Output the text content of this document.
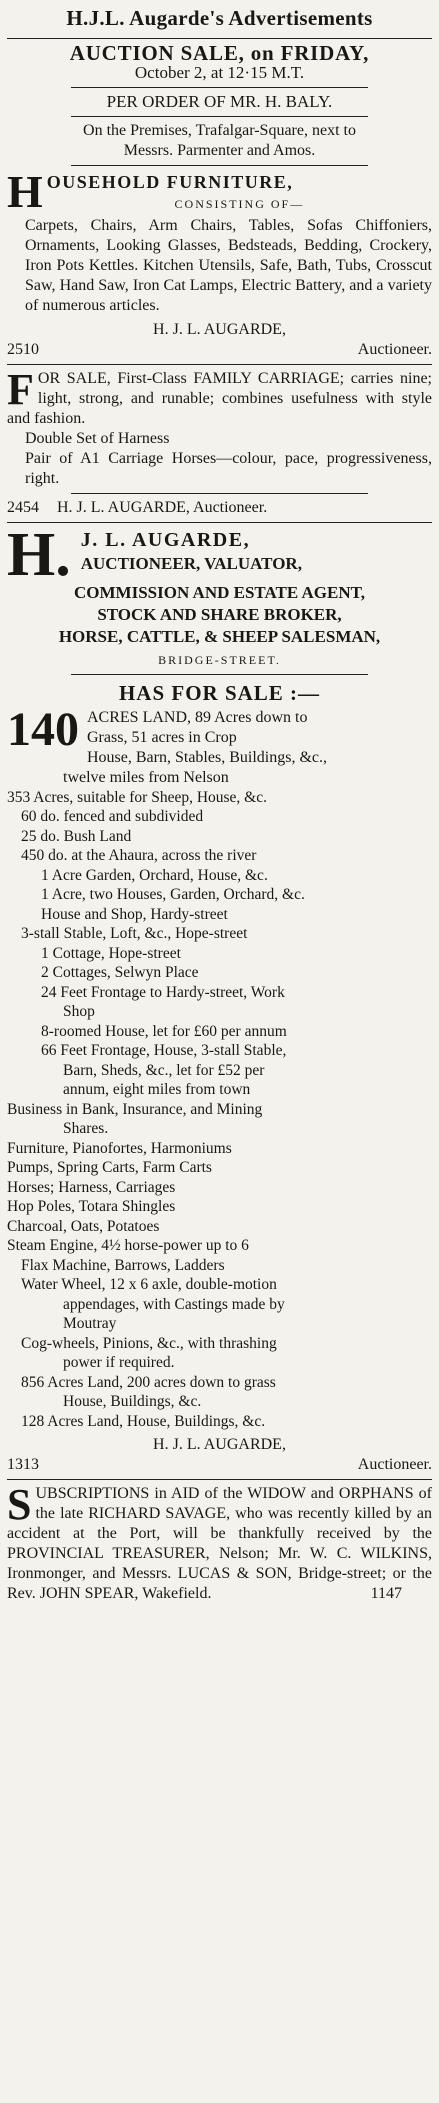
H.J.L. Augarde's Advertisements
AUCTION SALE, on FRIDAY,
October 2, at 12·15 M.T.
PER ORDER OF MR. H. BALY.
On the Premises, Trafalgar-Square, next to
Messrs. Parmenter and Amos.
H OUSEHOLD FURNITURE,
CONSISTING OF—
Carpets, Chairs, Arm Chairs, Tables, Sofas Chiffoniers, Ornaments, Looking Glasses, Bedsteads, Bedding, Crockery, Iron Pots Kettles. Kitchen Utensils, Safe, Bath, Tubs, Crosscut Saw, Hand Saw, Iron Cat Lamps, Electric Battery, and a variety of numerous articles.
H. J. L. AUGARDE,
2510	Auctioneer.
F OR SALE, First-Class FAMILY CARRIAGE; carries nine; light, strong, and runable; combines usefulness with style and fashion.
Double Set of Harness
Pair of A1 Carriage Horses—colour, pace, progressiveness, right.
2454 H. J. L. AUGARDE, Auctioneer.
H. J. L. AUGARDE,
AUCTIONEER, VALUATOR,
COMMISSION AND ESTATE AGENT,
STOCK AND SHARE BROKER,
HORSE, CATTLE, & SHEEP SALESMAN,
BRIDGE-STREET.
HAS FOR SALE :—
140 ACRES LAND, 89 Acres down to
Grass, 51 acres in Crop
House, Barn, Stables, Buildings, &c.,
twelve miles from Nelson
353 Acres, suitable for Sheep, House, &c.
60 do. fenced and subdivided
25 do. Bush Land
450 do. at the Ahaura, across the river
1 Acre Garden, Orchard, House, &c.
1 Acre, two Houses, Garden, Orchard, &c.
House and Shop, Hardy-street
3-stall Stable, Loft, &c., Hope-street
1 Cottage, Hope-street
2 Cottages, Selwyn Place
24 Feet Frontage to Hardy-street, Work
Shop
8-roomed House, let for £60 per annum
66 Feet Frontage, House, 3-stall Stable,
Barn, Sheds, &c., let for £52 per
annum, eight miles from town
Business in Bank, Insurance, and Mining
Shares.
Furniture, Pianofortes, Harmoniums
Pumps, Spring Carts, Farm Carts
Horses; Harness, Carriages
Hop Poles, Totara Shingles
Charcoal, Oats, Potatoes
Steam Engine, 4½ horse-power up to 6
Flax Machine, Barrows, Ladders
Water Wheel, 12 x 6 axle, double-motion
appendages, with Castings made by
Moutray
Cog-wheels, Pinions, &c., with thrashing
power if required.
856 Acres Land, 200 acres down to grass
House, Buildings, &c.
128 Acres Land, House, Buildings, &c.
H. J. L. AUGARDE,
1313	Auctioneer.
S UBSCRIPTIONS in AID of the WIDOW and ORPHANS of the late RICHARD SAVAGE, who was recently killed by an accident at the Port, will be thankfully received by the PROVINCIAL TREASURER, Nelson; Mr. W. C. WILKINS, Ironmonger, and Messrs. LUCAS & SON, Bridge-street; or the Rev. JOHN SPEAR, Wakefield.	1147
